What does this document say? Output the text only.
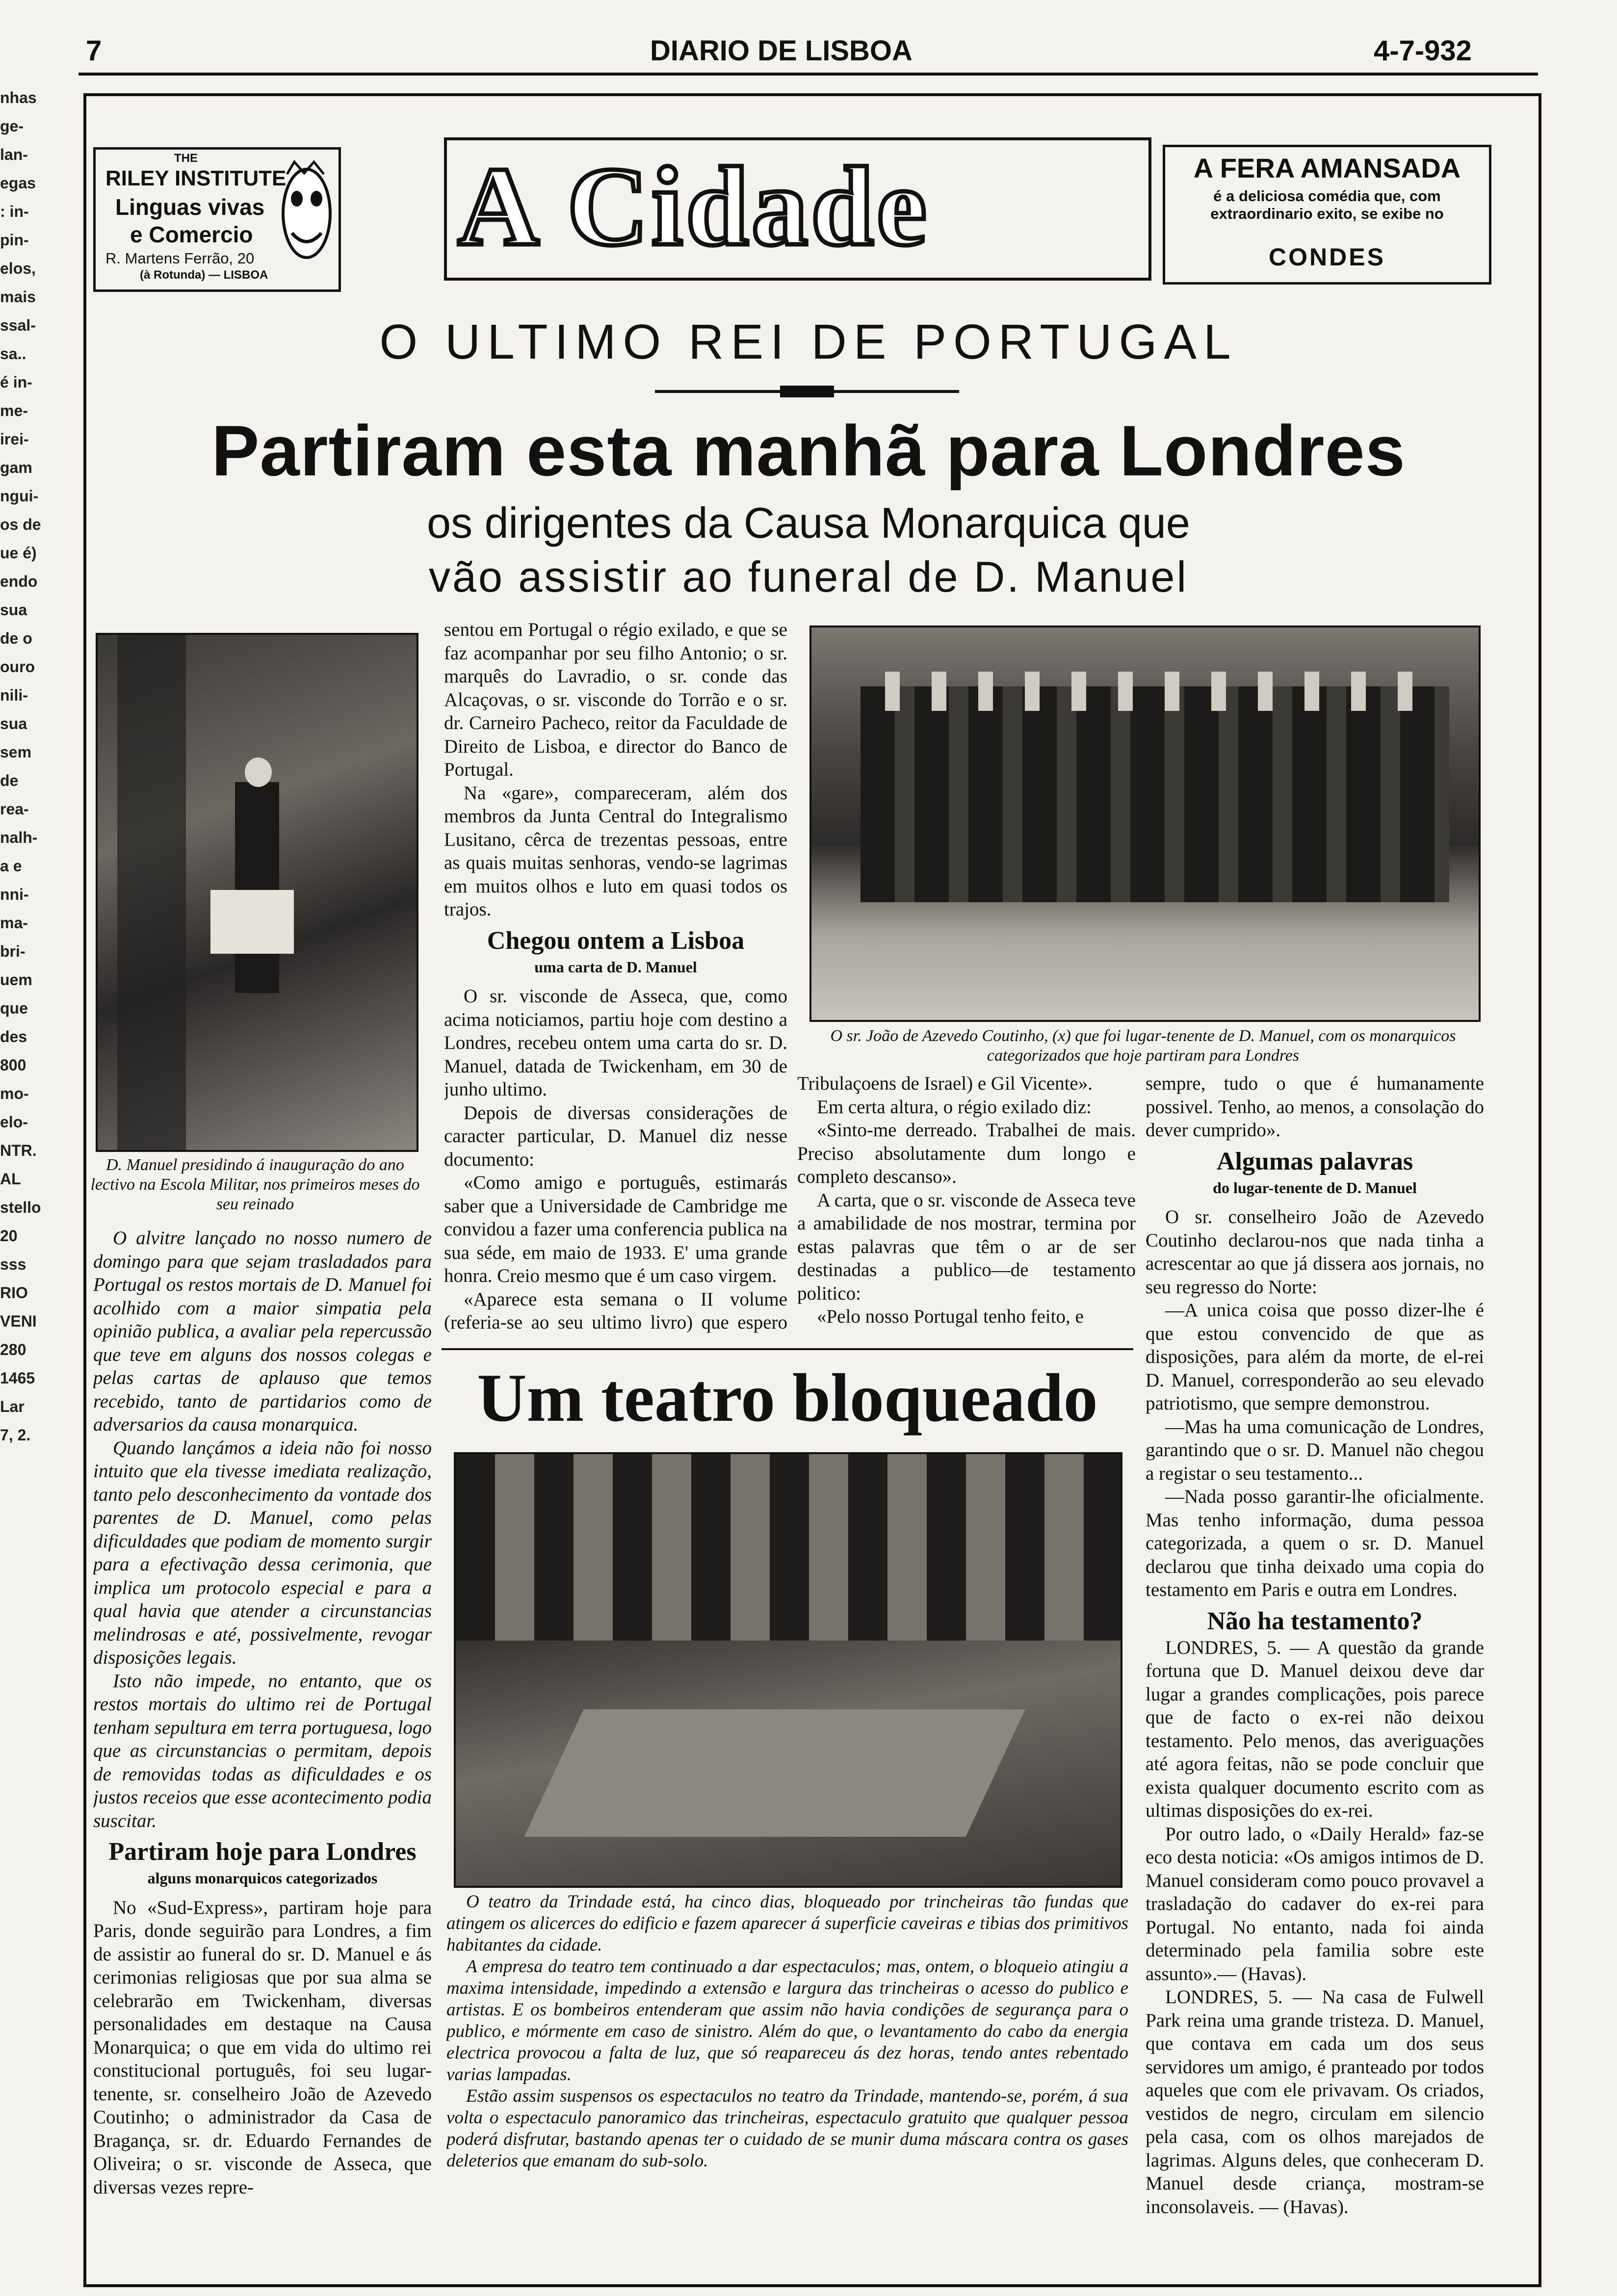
7	DIARIO DE LISBOA	4-7-932
nhas
ge-
lan-
egas
: in-
pin-
elos,
mais
ssal-
sa..
é in-
me-
irei-
gam
ngui-
os de
ue é)
endo
sua
de o
ouro
nili-
sua
sem
de
rea-
nalh-
a e
nni-
ma-
bri-
uem
que
des
800
mo-
elo-
NTR.
AL
stello
20
sss
RIO
VENI
280
1465
Lar
7, 2.
THE
RILEY INSTITUTE
Linguas vivas
e Comercio
R. Martens Ferrão, 20
(à Rotunda) — LISBOA
A Cidade	A FERA AMANSADA
é a deliciosa comédia que, com extraordinario exito, se exibe no
CONDES
O ULTIMO REI DE PORTUGAL
Partiram esta manhã para Londres
os dirigentes da Causa Monarquica que
vão assistir ao funeral de D. Manuel
D. Manuel presidindo á inauguração do ano lectivo na Escola Militar, nos primeiros meses do seu reinado
O sr. João de Azevedo Coutinho, (x) que foi lugar-tenente de D. Manuel, com os monarquicos categorizados que hoje partiram para Londres

O alvitre lançado no nosso numero de domingo para que sejam trasladados para Portugal os restos mortais de D. Manuel foi acolhido com a maior simpatia pela opinião publica, a avaliar pela repercussão que teve em alguns dos nossos colegas e pelas cartas de aplauso que temos recebido, tanto de partidarios como de adversarios da causa monarquica.

Quando lançámos a ideia não foi nosso intuito que ela tivesse imediata realização, tanto pelo desconhecimento da vontade dos parentes de D. Manuel, como pelas dificuldades que podiam de momento surgir para a efectivação dessa cerimonia, que implica um protocolo especial e para a qual havia que atender a circunstancias melindrosas e até, possivelmente, revogar disposições legais.

Isto não impede, no entanto, que os restos mortais do ultimo rei de Portugal tenham sepultura em terra portuguesa, logo que as circunstancias o permitam, depois de removidas todas as dificuldades e os justos receios que esse acontecimento podia suscitar.

Partiram hoje para Londres

alguns monarquicos categorizados

No «Sud-Express», partiram hoje para Paris, donde seguirão para Londres, a fim de assistir ao funeral do sr. D. Manuel e ás cerimonias religiosas que por sua alma se celebrarão em Twickenham, diversas personalidades em destaque na Causa Monarquica; o que em vida do ultimo rei constitucional português, foi seu lugar-tenente, sr. conselheiro João de Azevedo Coutinho; o administrador da Casa de Bragança, sr. dr. Eduardo Fernandes de Oliveira; o sr. visconde de Asseca, que diversas vezes repre-

sentou em Portugal o régio exilado, e que se faz acompanhar por seu filho Antonio; o sr. marquês do Lavradio, o sr. conde das Alcaçovas, o sr. visconde do Torrão e o sr. dr. Carneiro Pacheco, reitor da Faculdade de Direito de Lisboa, e director do Banco de Portugal.

Na «gare», compareceram, além dos membros da Junta Central do Integralismo Lusitano, cêrca de trezentas pessoas, entre as quais muitas senhoras, vendo-se lagrimas em muitos olhos e luto em quasi todos os trajos.

Chegou ontem a Lisboa

uma carta de D. Manuel

O sr. visconde de Asseca, que, como acima noticiamos, partiu hoje com destino a Londres, recebeu ontem uma carta do sr. D. Manuel, datada de Twickenham, em 30 de junho ultimo.

Depois de diversas considerações de caracter particular, D. Manuel diz nesse documento:

«Como amigo e português, estimarás saber que a Universidade de Cambridge me convidou a fazer uma conferencia publica na sua séde, em maio de 1933. E' uma grande honra. Creio mesmo que é um caso virgem.

«Aparece esta semana o II volume (referia-se ao seu ultimo livro) que espero

Tribulaçoens de Israel) e Gil Vicente».

Em certa altura, o régio exilado diz:

«Sinto-me derreado. Trabalhei de mais. Preciso absolutamente dum longo e completo descanso».

A carta, que o sr. visconde de Asseca teve a amabilidade de nos mostrar, termina por estas palavras que têm o ar de ser destinadas a publico—de testamento politico:

«Pelo nosso Portugal tenho feito, e

sempre, tudo o que é humanamente possivel. Tenho, ao menos, a consolação do dever cumprido».

Algumas palavras

do lugar-tenente de D. Manuel

O sr. conselheiro João de Azevedo Coutinho declarou-nos que nada tinha a acrescentar ao que já dissera aos jornais, no seu regresso do Norte:

—A unica coisa que posso dizer-lhe é que estou convencido de que as disposições, para além da morte, de el-rei D. Manuel, corresponderão ao seu elevado patriotismo, que sempre demonstrou.

—Mas ha uma comunicação de Londres, garantindo que o sr. D. Manuel não chegou a registar o seu testamento...

—Nada posso garantir-lhe oficialmente. Mas tenho informação, duma pessoa categorizada, a quem o sr. D. Manuel declarou que tinha deixado uma copia do testamento em Paris e outra em Londres.

Não ha testamento?

LONDRES, 5. — A questão da grande fortuna que D. Manuel deixou deve dar lugar a grandes complicações, pois parece que de facto o ex-rei não deixou testamento. Pelo menos, das averiguações até agora feitas, não se pode concluir que exista qualquer documento escrito com as ultimas disposições do ex-rei.

Por outro lado, o «Daily Herald» faz-se eco desta noticia: «Os amigos intimos de D. Manuel consideram como pouco provavel a trasladação do cadaver do ex-rei para Portugal. No entanto, nada foi ainda determinado pela familia sobre este assunto».— (Havas).

LONDRES, 5. — Na casa de Fulwell Park reina uma grande tristeza. D. Manuel, que contava em cada um dos seus servidores um amigo, é pranteado por todos aqueles que com ele privavam. Os criados, vestidos de negro, circulam em silencio pela casa, com os olhos marejados de lagrimas. Alguns deles, que conheceram D. Manuel desde criança, mostram-se inconsolaveis. — (Havas).

Um teatro bloqueado

O teatro da Trindade está, ha cinco dias, bloqueado por trincheiras tão fundas que atingem os alicerces do edificio e fazem aparecer á superficie caveiras e tibias dos primitivos habitantes da cidade.

A empresa do teatro tem continuado a dar espectaculos; mas, ontem, o bloqueio atingiu a maxima intensidade, impedindo a extensão e largura das trincheiras o acesso do publico e artistas. E os bombeiros entenderam que assim não havia condições de segurança para o publico, e mórmente em caso de sinistro. Além do que, o levantamento do cabo da energia electrica provocou a falta de luz, que só reapareceu ás dez horas, tendo antes rebentado varias lampadas.

Estão assim suspensos os espectaculos no teatro da Trindade, mantendo-se, porém, á sua volta o espectaculo panoramico das trincheiras, espectaculo gratuito que qualquer pessoa poderá disfrutar, bastando apenas ter o cuidado de se munir duma máscara contra os gases deleterios que emanam do sub-solo.
